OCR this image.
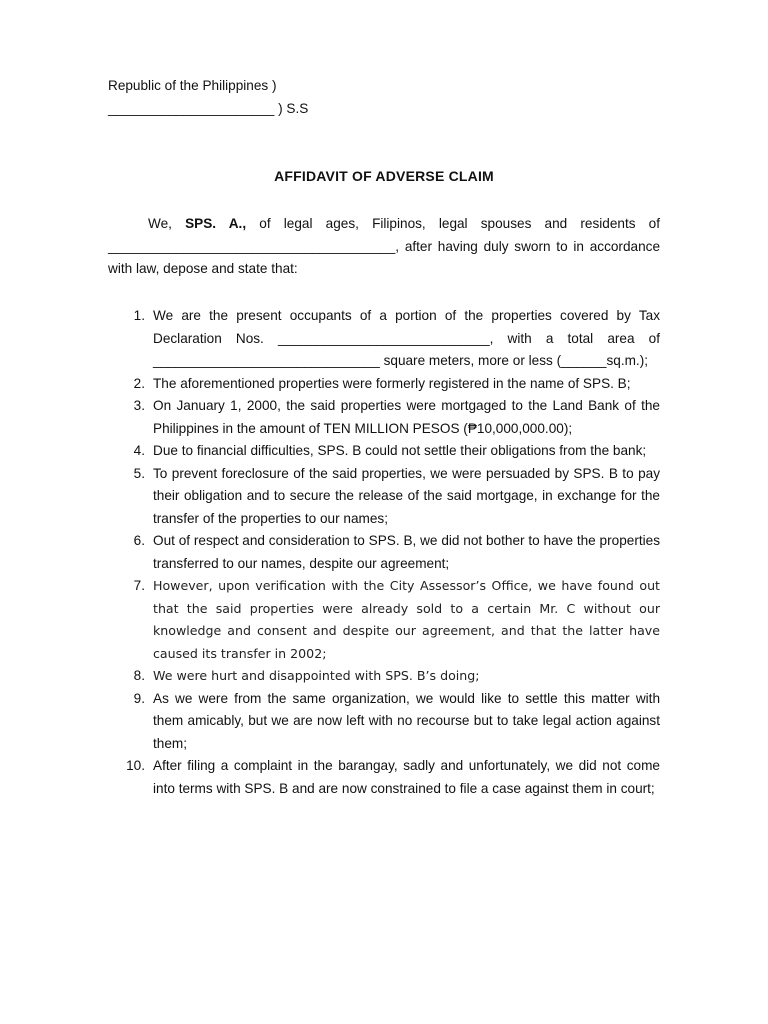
Republic of the Philippines )
______________________ ) S.S
AFFIDAVIT OF ADVERSE CLAIM

We, SPS. A., of legal ages, Filipinos, legal spouses and residents of ______________________________________, after having duly sworn to in accordance with law, depose and state that:

1. We are the present occupants of a portion of the properties covered by Tax Declaration Nos. ____________________________, with a total area of ______________________________ square meters, more or less (______sq.m.);
2. The aforementioned properties were formerly registered in the name of SPS. B;
3. On January 1, 2000, the said properties were mortgaged to the Land Bank of the Philippines in the amount of TEN MILLION PESOS (₱10,000,000.00);
4. Due to financial difficulties, SPS. B could not settle their obligations from the bank;
5. To prevent foreclosure of the said properties, we were persuaded by SPS. B to pay their obligation and to secure the release of the said mortgage, in exchange for the transfer of the properties to our names;
6. Out of respect and consideration to SPS. B, we did not bother to have the properties transferred to our names, despite our agreement;
7. However, upon verification with the City Assessor’s Office, we have found out that the said properties were already sold to a certain Mr. C without our knowledge and consent and despite our agreement, and that the latter have caused its transfer in 2002;
8. We were hurt and disappointed with SPS. B’s doing;
9. As we were from the same organization, we would like to settle this matter with them amicably, but we are now left with no recourse but to take legal action against them;
10. After filing a complaint in the barangay, sadly and unfortunately, we did not come into terms with SPS. B and are now constrained to file a case against them in court;
